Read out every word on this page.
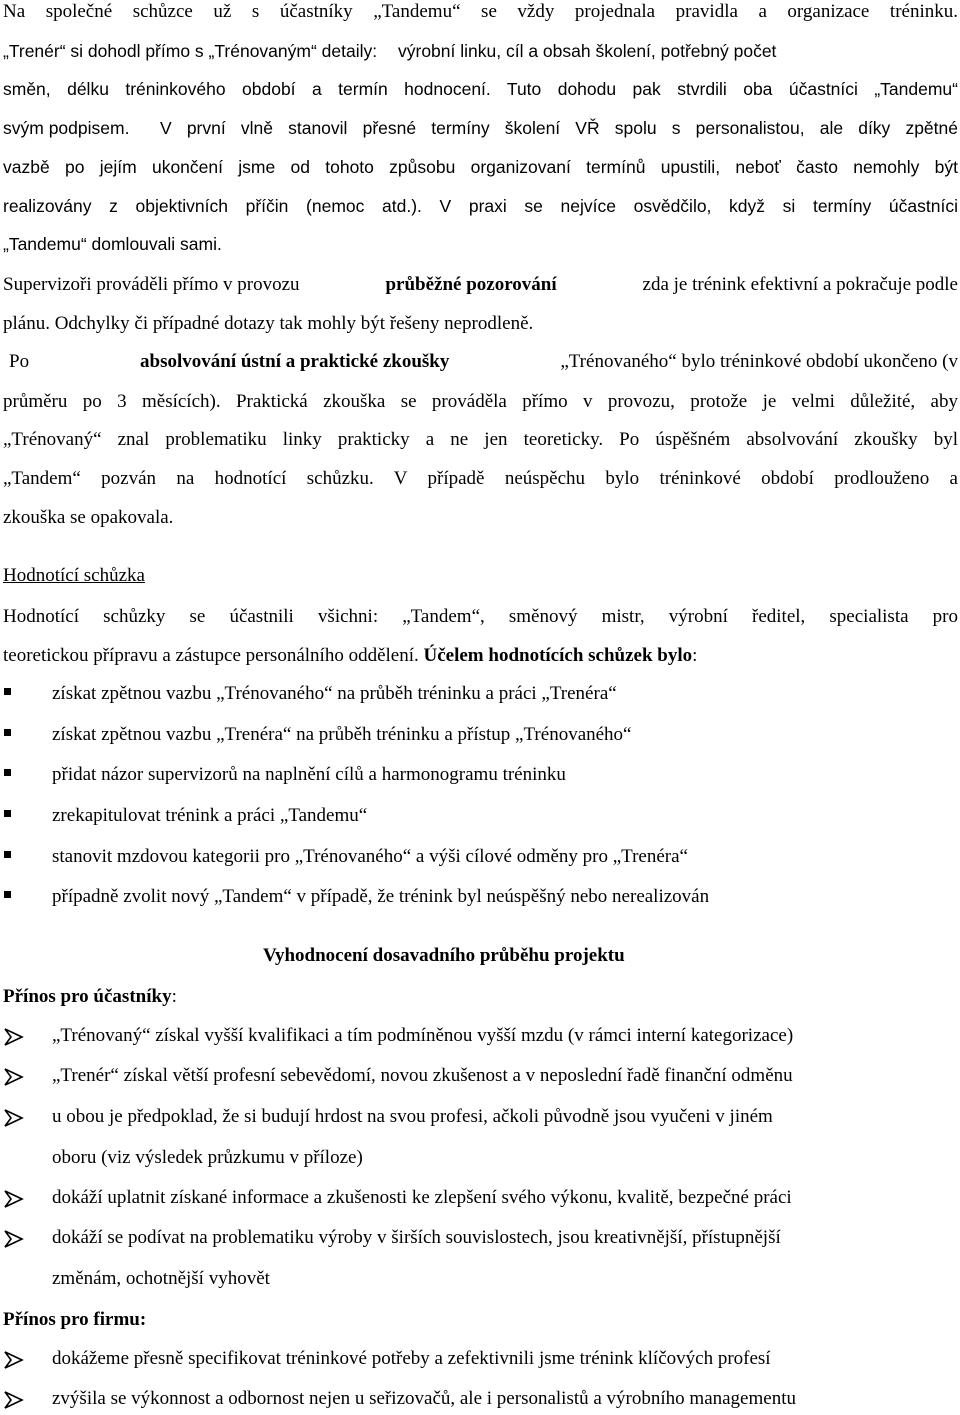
Na společné schůzce už s účastníky „Tandemu“ se vždy projednala pravidla a organizace tréninku.
„Trenér“ si dohodl přímo s „Trénovaným“ detaily: výrobní linku, cíl a obsah školení, potřebný počet
směn, délku tréninkového období a termín hodnocení. Tuto dohodu pak stvrdili oba účastníci „Tandemu“
svým podpisem. V první vlně stanovil přesné termíny školení VŘ spolu s personalistou, ale díky zpětné
vazbě po jejím ukončení jsme od tohoto způsobu organizovaní termínů upustili, neboť často nemohly být
realizovány z objektivních příčin (nemoc atd.). V praxi se nejvíce osvědčilo, když si termíny účastníci
„Tandemu“ domlouvali sami.
Supervizoři prováděli přímo v provozu	průběžné pozorování	zda je trénink efektivní a pokračuje podle
plánu. Odchylky či případné dotazy tak mohly být řešeny neprodleně.
Po	absolvování ústní a praktické zkoušky	„Trénovaného“ bylo tréninkové období ukončeno (v
průměru po 3 měsících). Praktická zkouška se prováděla přímo v provozu, protože je velmi důležité, aby
„Trénovaný“ znal problematiku linky prakticky a ne jen teoreticky. Po úspěšném absolvování zkoušky byl
„Tandem“ pozván na hodnotící schůzku. V případě neúspěchu bylo tréninkové období prodlouženo a
zkouška se opakovala.
Hodnotící schůzka
Hodnotící schůzky se účastnili všichni: „Tandem“, směnový mistr, výrobní ředitel, specialista pro
teoretickou přípravu a zástupce personálního oddělení. Účelem hodnotících schůzek bylo:
získat zpětnou vazbu „Trénovaného“ na průběh tréninku a práci „Trenéra“
získat zpětnou vazbu „Trenéra“ na průběh tréninku a přístup „Trénovaného“
přidat názor supervizorů na naplnění cílů a harmonogramu tréninku
zrekapitulovat trénink a práci „Tandemu“
stanovit mzdovou kategorii pro „Trénovaného“ a výši cílové odměny pro „Trenéra“
případně zvolit nový „Tandem“ v případě, že trénink byl neúspěšný nebo nerealizován
Vyhodnocení dosavadního průběhu projektu
Přínos pro účastníky:
„Trénovaný“ získal vyšší kvalifikaci a tím podmíněnou vyšší mzdu (v rámci interní kategorizace)
„Trenér“ získal větší profesní sebevědomí, novou zkušenost a v neposlední řadě finanční odměnu
u obou je předpoklad, že si budují hrdost na svou profesi, ačkoli původně jsou vyučeni v jiném
oboru (viz výsledek průzkumu v příloze)
dokáží uplatnit získané informace a zkušenosti ke zlepšení svého výkonu, kvalitě, bezpečné práci
dokáží se podívat na problematiku výroby v širších souvislostech, jsou kreativnější, přístupnější
změnám, ochotnější vyhovět
Přínos pro firmu:
dokážeme přesně specifikovat tréninkové potřeby a zefektivnili jsme trénink klíčových profesí
zvýšila se výkonnost a odbornost nejen u seřizovačů, ale i personalistů a výrobního managementu
